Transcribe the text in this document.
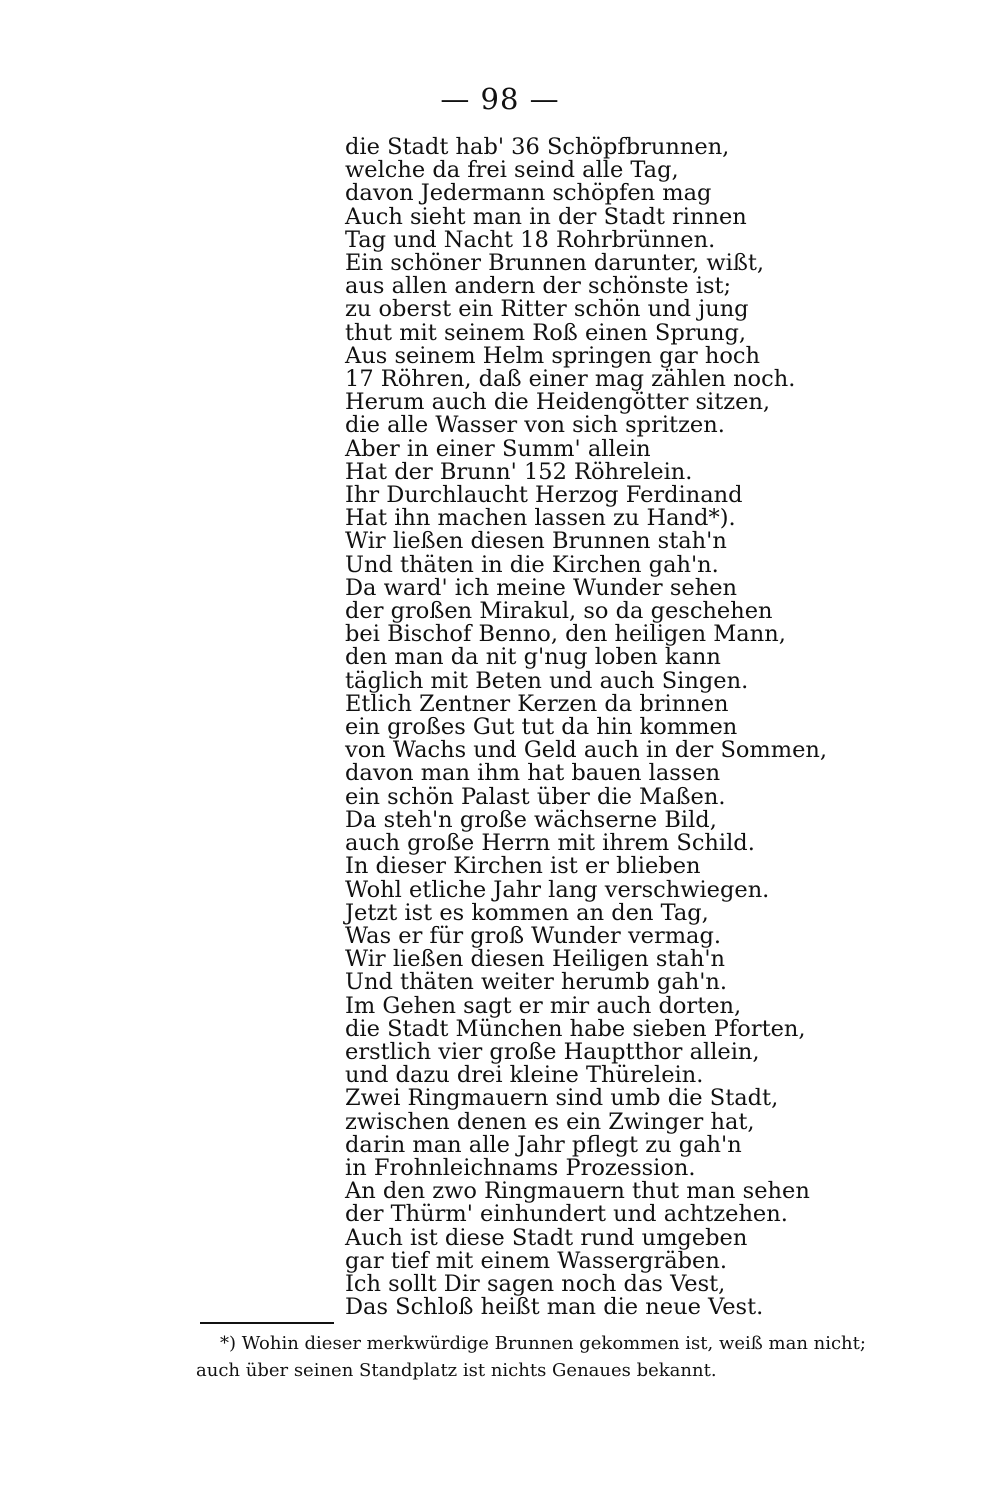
— 98 —
die Stadt hab' 36 Schöpfbrunnen,
welche da frei seind alle Tag,
davon Jedermann schöpfen mag
Auch sieht man in der Stadt rinnen
Tag und Nacht 18 Rohrbrünnen.
Ein schöner Brunnen darunter, wißt,
aus allen andern der schönste ist;
zu oberst ein Ritter schön und jung
thut mit seinem Roß einen Sprung,
Aus seinem Helm springen gar hoch
17 Röhren, daß einer mag zählen noch.
Herum auch die Heidengötter sitzen,
die alle Wasser von sich spritzen.
Aber in einer Summ' allein
Hat der Brunn' 152 Röhrelein.
Ihr Durchlaucht Herzog Ferdinand
Hat ihn machen lassen zu Hand*).
Wir ließen diesen Brunnen stah'n
Und thäten in die Kirchen gah'n.
Da ward' ich meine Wunder sehen
der großen Mirakul, so da geschehen
bei Bischof Benno, den heiligen Mann,
den man da nit g'nug loben kann
täglich mit Beten und auch Singen.
Etlich Zentner Kerzen da brinnen
ein großes Gut tut da hin kommen
von Wachs und Geld auch in der Sommen,
davon man ihm hat bauen lassen
ein schön Palast über die Maßen.
Da steh'n große wächserne Bild,
auch große Herrn mit ihrem Schild.
In dieser Kirchen ist er blieben
Wohl etliche Jahr lang verschwiegen.
Jetzt ist es kommen an den Tag,
Was er für groß Wunder vermag.
Wir ließen diesen Heiligen stah'n
Und thäten weiter herumb gah'n.
Im Gehen sagt er mir auch dorten,
die Stadt München habe sieben Pforten,
erstlich vier große Hauptthor allein,
und dazu drei kleine Thürelein.
Zwei Ringmauern sind umb die Stadt,
zwischen denen es ein Zwinger hat,
darin man alle Jahr pflegt zu gah'n
in Frohnleichnams Prozession.
An den zwo Ringmauern thut man sehen
der Thürm' einhundert und achtzehen.
Auch ist diese Stadt rund umgeben
gar tief mit einem Wassergräben.
Ich sollt Dir sagen noch das Vest,
Das Schloß heißt man die neue Vest.
*) Wohin dieser merkwürdige Brunnen gekommen ist, weiß man nicht;
auch über seinen Standplatz ist nichts Genaues bekannt.
